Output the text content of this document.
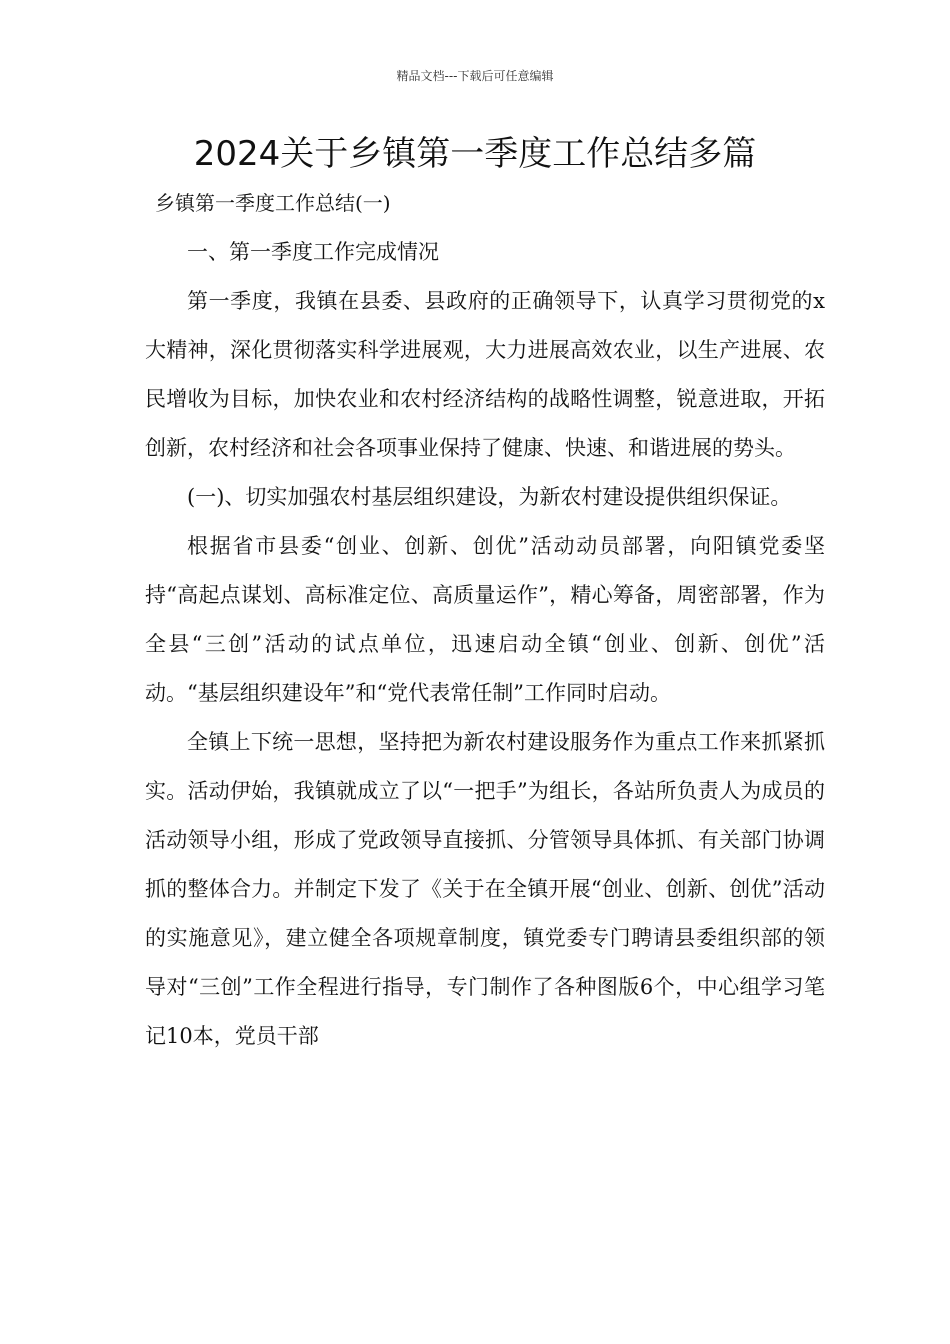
精品文档---下载后可任意编辑
2024关于乡镇第一季度工作总结多篇
乡镇第一季度工作总结(一)

一、第一季度工作完成情况

第一季度，我镇在县委、县政府的正确领导下，认真学习贯彻党的x大精神，深化贯彻落实科学进展观，大力进展高效农业，以生产进展、农民增收为目标，加快农业和农村经济结构的战略性调整，锐意进取，开拓创新，农村经济和社会各项事业保持了健康、快速、和谐进展的势头。

(一)、切实加强农村基层组织建设，为新农村建设提供组织保证。

根据省市县委“创业、创新、创优”活动动员部署，向阳镇党委坚持“高起点谋划、高标准定位、高质量运作”，精心筹备，周密部署，作为全县“三创”活动的试点单位，迅速启动全镇“创业、创新、创优”活动。“基层组织建设年”和“党代表常任制”工作同时启动。

全镇上下统一思想，坚持把为新农村建设服务作为重点工作来抓紧抓实。活动伊始，我镇就成立了以“一把手”为组长，各站所负责人为成员的活动领导小组，形成了党政领导直接抓、分管领导具体抓、有关部门协调抓的整体合力。并制定下发了《关于在全镇开展“创业、创新、创优”活动的实施意见》，建立健全各项规章制度，镇党委专门聘请县委组织部的领导对“三创”工作全程进行指导，专门制作了各种图版6个，中心组学习笔记10本，党员干部
